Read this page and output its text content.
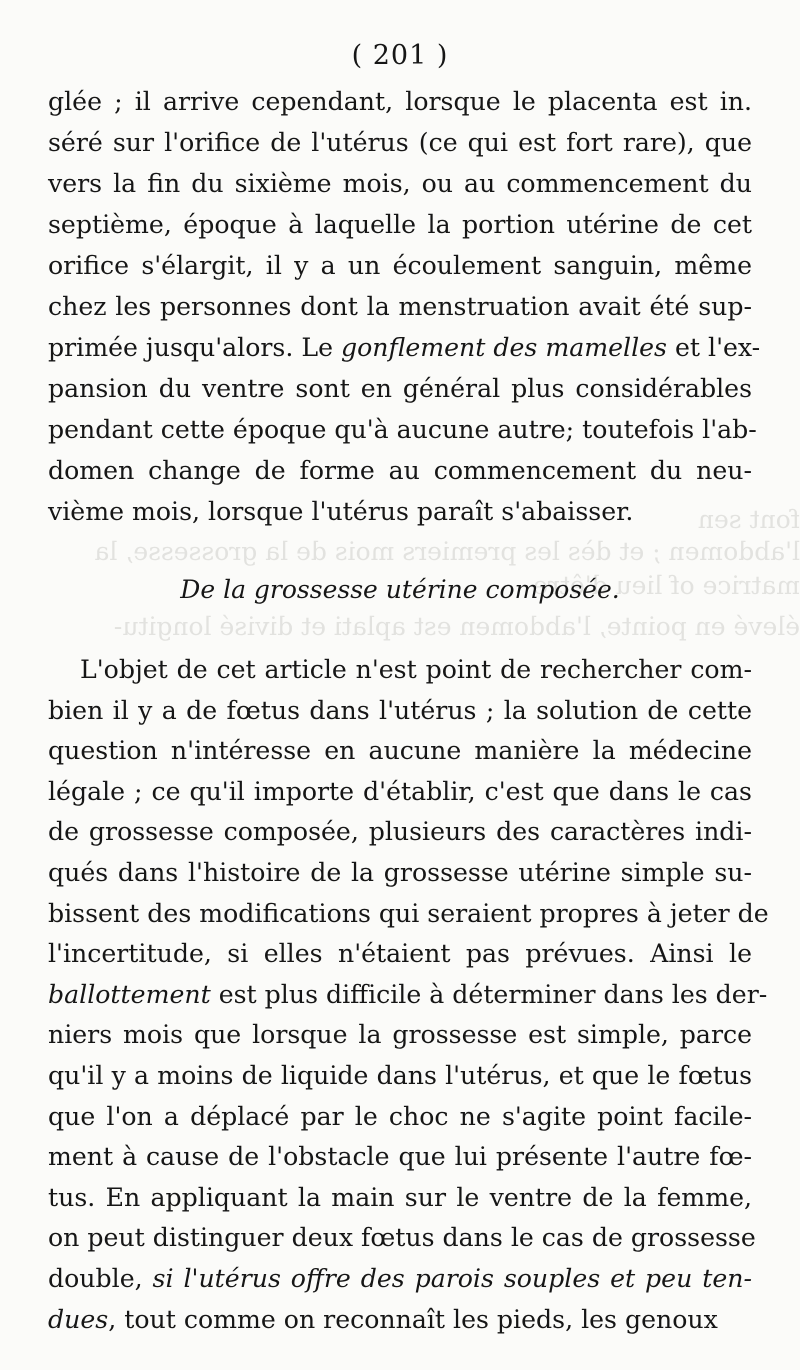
( 201 )
font sen
l'abdomen ; et dès les premiers mois de la grossesse, la
matrice of lieu d'être
élevé en pointe, l'abdomen est aplati et divisé longitu-
glée ; il arrive cependant, lorsque le placenta est in.
séré sur l'orifice de l'utérus (ce qui est fort rare), que
vers la fin du sixième mois, ou au commencement du
septième, époque à laquelle la portion utérine de cet
orifice s'élargit, il y a un écoulement sanguin, même
chez les personnes dont la menstruation avait été sup-
primée jusqu'alors. Le gonflement des mamelles et l'ex-
pansion du ventre sont en général plus considérables
pendant cette époque qu'à aucune autre; toutefois l'ab-
domen change de forme au commencement du neu-
vième mois, lorsque l'utérus paraît s'abaisser.
De la grossesse utérine composée.
L'objet de cet article n'est point de rechercher com-
bien il y a de fœtus dans l'utérus ; la solution de cette
question n'intéresse en aucune manière la médecine
légale ; ce qu'il importe d'établir, c'est que dans le cas
de grossesse composée, plusieurs des caractères indi-
qués dans l'histoire de la grossesse utérine simple su-
bissent des modifications qui seraient propres à jeter de
l'incertitude, si elles n'étaient pas prévues. Ainsi le
ballottement est plus difficile à déterminer dans les der-
niers mois que lorsque la grossesse est simple, parce
qu'il y a moins de liquide dans l'utérus, et que le fœtus
que l'on a déplacé par le choc ne s'agite point facile-
ment à cause de l'obstacle que lui présente l'autre fœ-
tus. En appliquant la main sur le ventre de la femme,
on peut distinguer deux fœtus dans le cas de grossesse
double, si l'utérus offre des parois souples et peu ten-
dues, tout comme on reconnaît les pieds, les genoux
